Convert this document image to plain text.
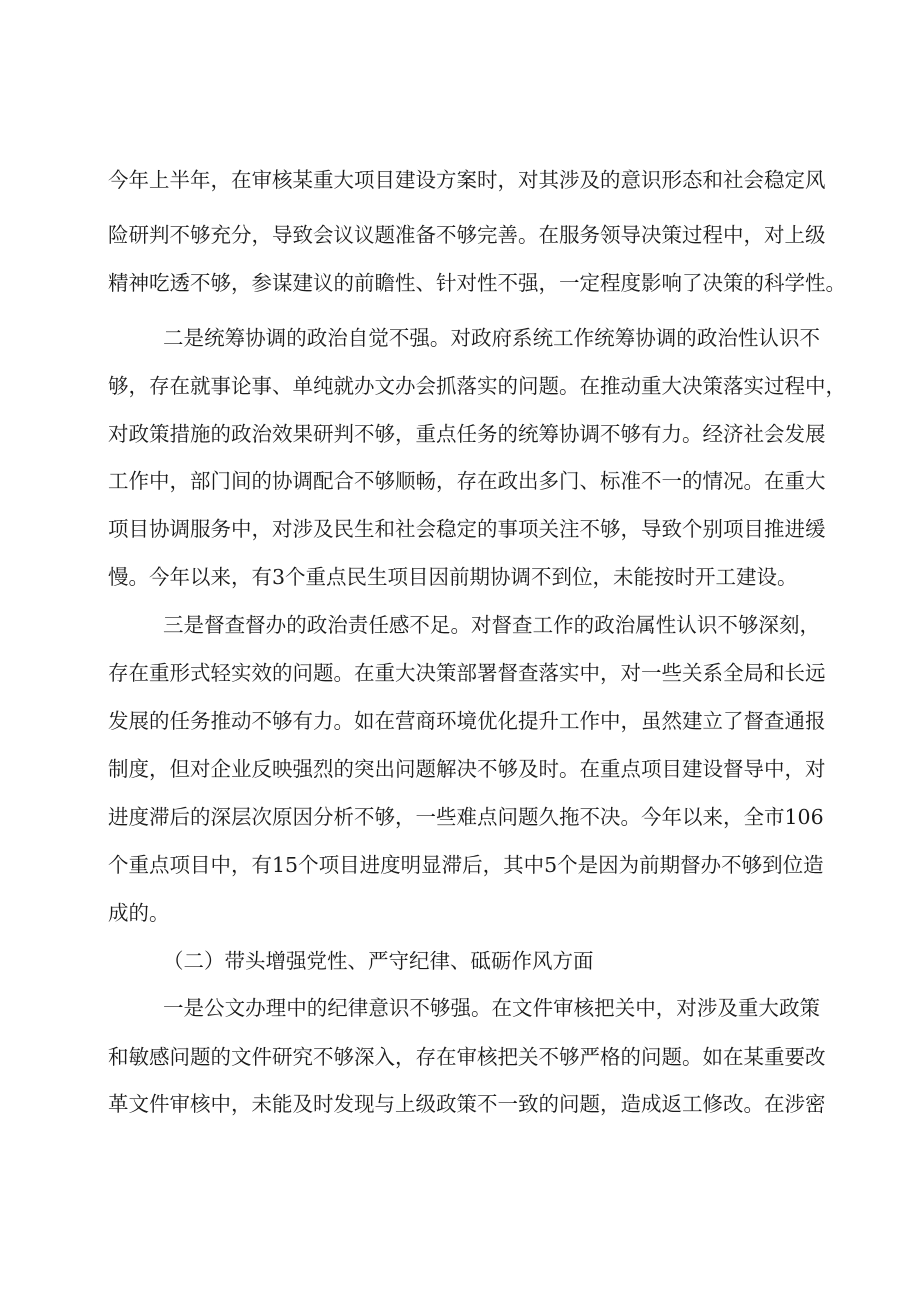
今年上半年，在审核某重大项目建设方案时，对其涉及的意识形态和社会稳定风
险研判不够充分，导致会议议题准备不够完善。在服务领导决策过程中，对上级
精神吃透不够，参谋建议的前瞻性、针对性不强，一定程度影响了决策的科学性。
二是统筹协调的政治自觉不强。对政府系统工作统筹协调的政治性认识不
够，存在就事论事、单纯就办文办会抓落实的问题。在推动重大决策落实过程中，
对政策措施的政治效果研判不够，重点任务的统筹协调不够有力。经济社会发展
工作中，部门间的协调配合不够顺畅，存在政出多门、标准不一的情况。在重大
项目协调服务中，对涉及民生和社会稳定的事项关注不够，导致个别项目推进缓
慢。今年以来，有3个重点民生项目因前期协调不到位，未能按时开工建设。
三是督查督办的政治责任感不足。对督查工作的政治属性认识不够深刻，
存在重形式轻实效的问题。在重大决策部署督查落实中，对一些关系全局和长远
发展的任务推动不够有力。如在营商环境优化提升工作中，虽然建立了督查通报
制度，但对企业反映强烈的突出问题解决不够及时。在重点项目建设督导中，对
进度滞后的深层次原因分析不够，一些难点问题久拖不决。今年以来，全市106
个重点项目中，有15个项目进度明显滞后，其中5个是因为前期督办不够到位造
成的。
（二）带头增强党性、严守纪律、砥砺作风方面
一是公文办理中的纪律意识不够强。在文件审核把关中，对涉及重大政策
和敏感问题的文件研究不够深入，存在审核把关不够严格的问题。如在某重要改
革文件审核中，未能及时发现与上级政策不一致的问题，造成返工修改。在涉密
